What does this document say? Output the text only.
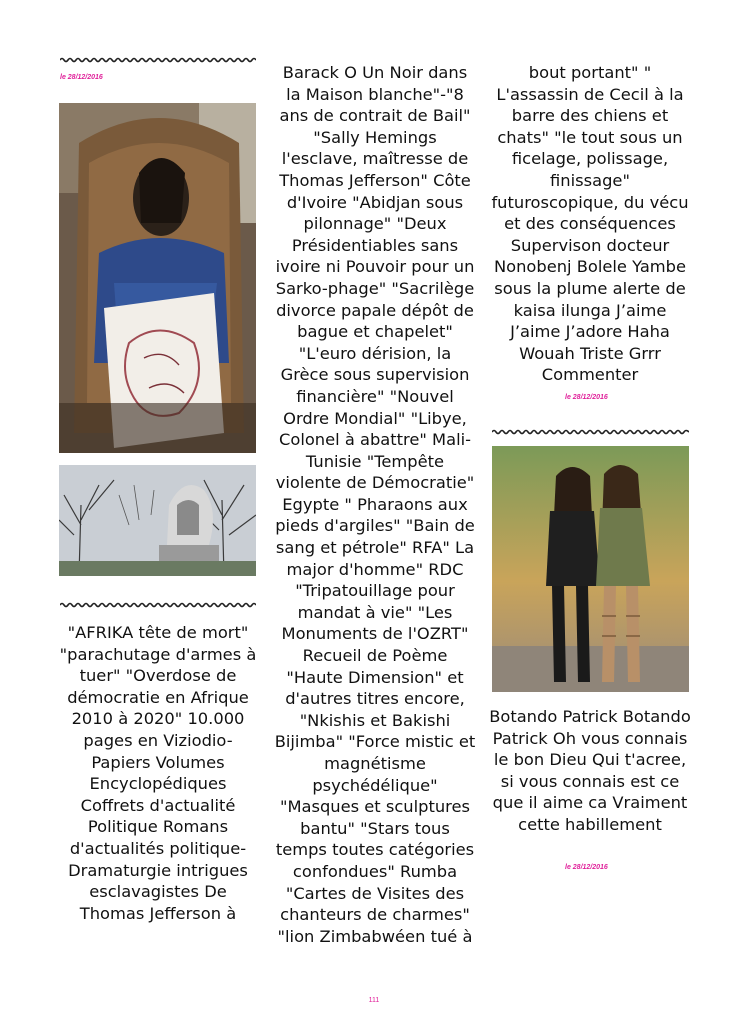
le 28/12/2016
"AFRIKA tête de mort" "parachutage d'armes à tuer" "Overdose de démocratie en Afrique 2010 à 2020" 10.000 pages en Viziodio-Papiers Volumes Encyclopédiques Coffrets d'actualité Politique Romans d'actualités politique-Dramaturgie intrigues esclavagistes De Thomas Jefferson à
Barack O Un Noir dans la Maison blanche"-"8 ans de contrait de Bail" "Sally Hemings l'esclave, maîtresse de Thomas Jefferson" Côte d'Ivoire "Abidjan sous pilonnage" "Deux Présidentiables sans ivoire ni Pouvoir pour un Sarko-phage" "Sacrilège divorce papale dépôt de bague et chapelet" "L'euro dérision, la Grèce sous supervision financière" "Nouvel Ordre Mondial" "Libye, Colonel à abattre" Mali-Tunisie "Tempête violente de Démocratie" Egypte " Pharaons aux pieds d'argiles" "Bain de sang et pétrole" RFA" La major d'homme" RDC "Tripatouillage pour mandat à vie" "Les Monuments de l'OZRT" Recueil de Poème "Haute Dimension" et d'autres titres encore, "Nkishis et Bakishi Bijimba" "Force mistic et magnétisme psychédélique" "Masques et sculptures bantu" "Stars tous temps toutes catégories confondues" Rumba "Cartes de Visites des chanteurs de charmes" "lion Zimbabwéen tué à
bout portant" " L'assassin de Cecil à la barre des chiens et chats" "le tout sous un ficelage, polissage, finissage" futuroscopique, du vécu et des conséquences Supervison docteur Nonobenj Bolele Yambe sous la plume alerte de kaisa ilunga J’aime J’aime J’adore Haha Wouah Triste Grrr Commenter
le 28/12/2016
Botando Patrick Botando Patrick Oh vous connais le bon Dieu Qui t'acree, si vous connais est ce que il aime ca Vraiment cette habillement
le 28/12/2016
111
